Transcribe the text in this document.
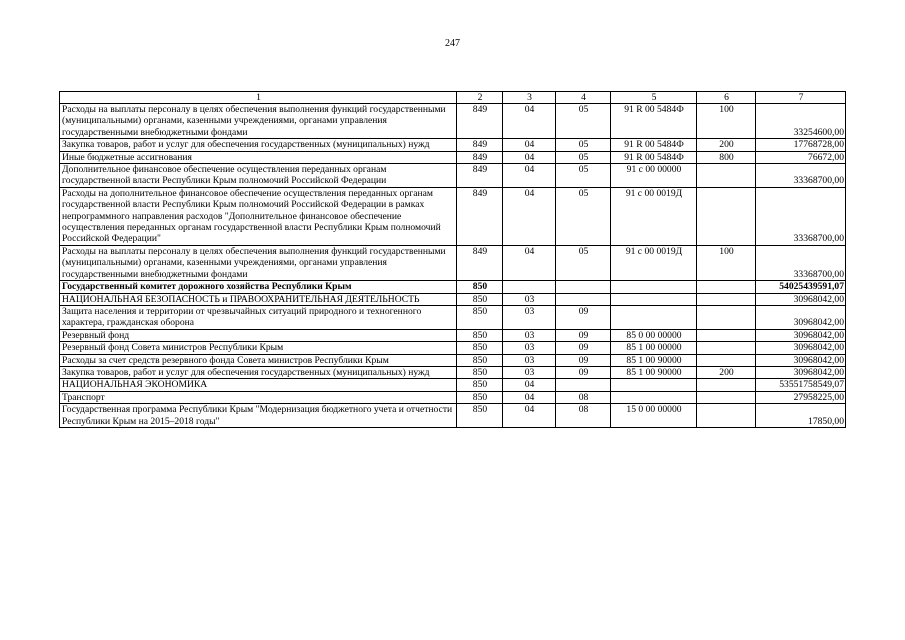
247
1	2	3	4	5	6	7
Расходы на выплаты персоналу в целях обеспечения выполнения функций государственными (муниципальными) органами, казенными учреждениями, органами управления государственными внебюджетными фондами	849	04	05	91 R 00 5484Ф	100	33254600,00
Закупка товаров, работ и услуг для обеспечения государственных (муниципальных) нужд	849	04	05	91 R 00 5484Ф	200	17768728,00
Иные бюджетные ассигнования	849	04	05	91 R 00 5484Ф	800	76672,00
Дополнительное финансовое обеспечение осуществления переданных органам государственной власти Республики Крым полномочий Российской Федерации	849	04	05	91 с 00 00000		33368700,00
Расходы на дополнительное финансовое обеспечение осуществления переданных органам государственной власти Республики Крым полномочий Российской Федерации в рамках непрограммного направления расходов "Дополнительное финансовое обеспечение осуществления переданных органам государственной власти Республики Крым полномочий Российской Федерации"	849	04	05	91 с 00 0019Д		33368700,00
Расходы на выплаты персоналу в целях обеспечения выполнения функций государственными (муниципальными) органами, казенными учреждениями, органами управления государственными внебюджетными фондами	849	04	05	91 с 00 0019Д	100	33368700,00
Государственный комитет дорожного хозяйства Республики Крым	850					54025439591,07
НАЦИОНАЛЬНАЯ БЕЗОПАСНОСТЬ и ПРАВООХРАНИТЕЛЬНАЯ ДЕЯТЕЛЬНОСТЬ	850	03				30968042,00
Защита населения и территории от чрезвычайных ситуаций природного и техногенного характера, гражданская оборона	850	03	09			30968042,00
Резервный фонд	850	03	09	85 0 00 00000		30968042,00
Резервный фонд Совета министров Республики Крым	850	03	09	85 1 00 00000		30968042,00
Расходы за счет средств резервного фонда Совета министров Республики Крым	850	03	09	85 1 00 90000		30968042,00
Закупка товаров, работ и услуг для обеспечения государственных (муниципальных) нужд	850	03	09	85 1 00 90000	200	30968042,00
НАЦИОНАЛЬНАЯ ЭКОНОМИКА	850	04				53551758549,07
Транспорт	850	04	08			27958225,00
Государственная программа Республики Крым "Модернизация бюджетного учета и отчетности Республики Крым на 2015–2018 годы"	850	04	08	15 0 00 00000		17850,00
